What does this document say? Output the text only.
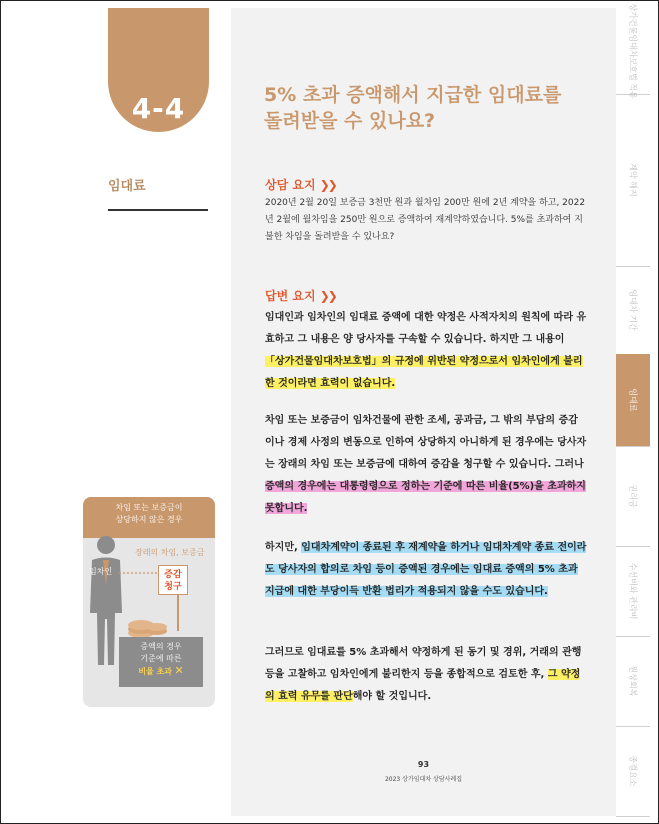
4-4
임대료
차임 또는 보증금이
상당하지 않은 경우
임차인
장래의 차임, 보증금
증감
청구
증액의 경우
기준에 따른
비율 초과 ✕
5% 초과 증액해서 지급한 임대료를
돌려받을 수 있나요?
상담 요지 ❯❯
2020년 2월 20일 보증금 3천만 원과 월차임 200만 원에 2년 계약을 하고, 2022년 2월에 월차임을 250만 원으로 증액하여 재계약하였습니다. 5%를 초과하여 지불한 차임을 돌려받을 수 있나요?
답변 요지 ❯❯
임대인과 임차인의 임대료 증액에 대한 약정은 사적자치의 원칙에 따라 유효하고 그 내용은 양 당사자를 구속할 수 있습니다. 하지만 그 내용이 「상가건물임대차보호법」의 규정에 위반된 약정으로서 임차인에게 불리한 것이라면 효력이 없습니다.
차임 또는 보증금이 임차건물에 관한 조세, 공과금, 그 밖의 부담의 증감이나 경제 사정의 변동으로 인하여 상당하지 아니하게 된 경우에는 당사자는 장래의 차임 또는 보증금에 대하여 증감을 청구할 수 있습니다. 그러나 증액의 경우에는 대통령령으로 정하는 기준에 따른 비율(5%)을 초과하지 못합니다.
하지만, 임대차계약이 종료된 후 재계약을 하거나 임대차계약 종료 전이라도 당사자의 합의로 차임 등이 증액된 경우에는 임대료 증액의 5% 초과 지급에 대한 부당이득 반환 법리가 적용되지 않을 수도 있습니다.
그러므로 임대료를 5% 초과해서 약정하게 된 동기 및 경위, 거래의 관행 등을 고찰하고 임차인에게 불리한지 등을 종합적으로 검토한 후, 그 약정의 효력 유무를 판단해야 할 것입니다.
93
2023 상가임대차 상담사례집
상가건물임대차보호법 적용
계약 해지
임대차 기간
임대료
권리금
수선비와 관리비
원상회복
종결요소
